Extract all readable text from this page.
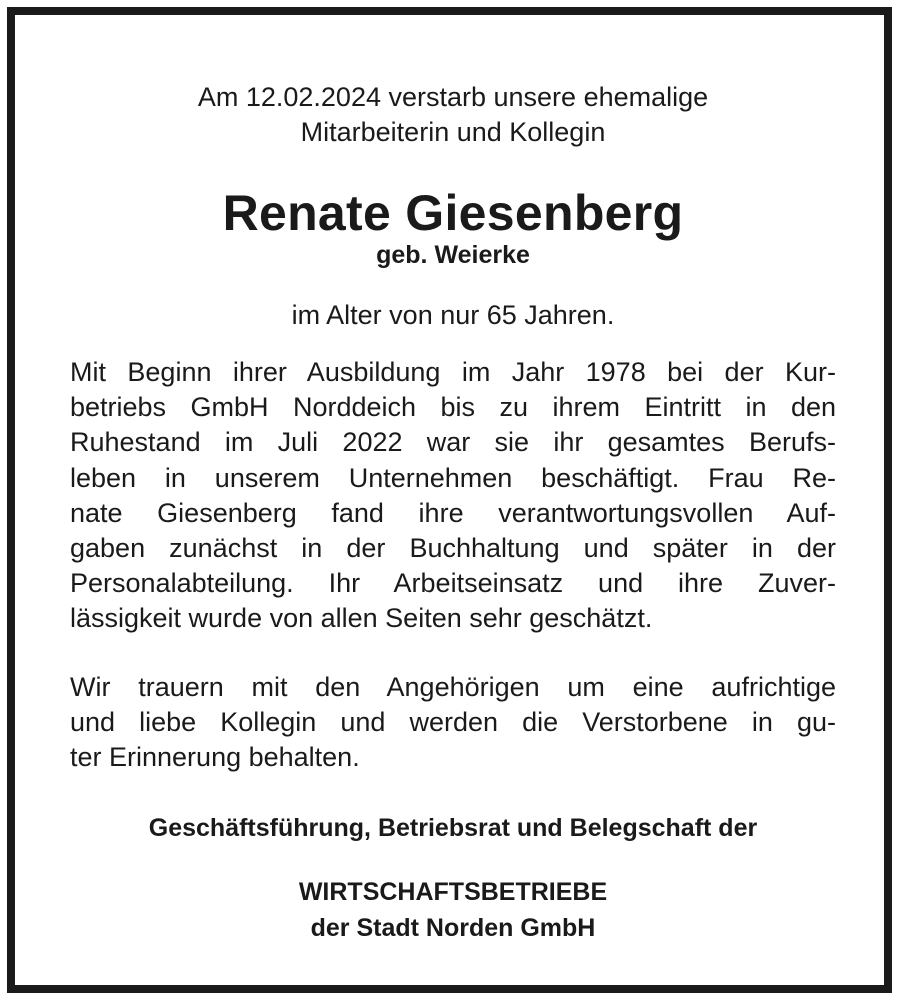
Am 12.02.2024 verstarb unsere ehemalige
Mitarbeiterin und Kollegin
Renate Giesenberg
geb. Weierke
im Alter von nur 65 Jahren.
Mit Beginn ihrer Ausbildung im Jahr 1978 bei der Kur-
betriebs GmbH Norddeich bis zu ihrem Eintritt in den
Ruhestand im Juli 2022 war sie ihr gesamtes Berufs-
leben in unserem Unternehmen beschäftigt. Frau Re-
nate Giesenberg fand ihre verantwortungsvollen Auf-
gaben zunächst in der Buchhaltung und später in der
Personalabteilung. Ihr Arbeitseinsatz und ihre Zuver-
lässigkeit wurde von allen Seiten sehr geschätzt.
Wir trauern mit den Angehörigen um eine aufrichtige
und liebe Kollegin und werden die Verstorbene in gu-
ter Erinnerung behalten.
Geschäftsführung, Betriebsrat und Belegschaft der
WIRTSCHAFTSBETRIEBE
der Stadt Norden GmbH
